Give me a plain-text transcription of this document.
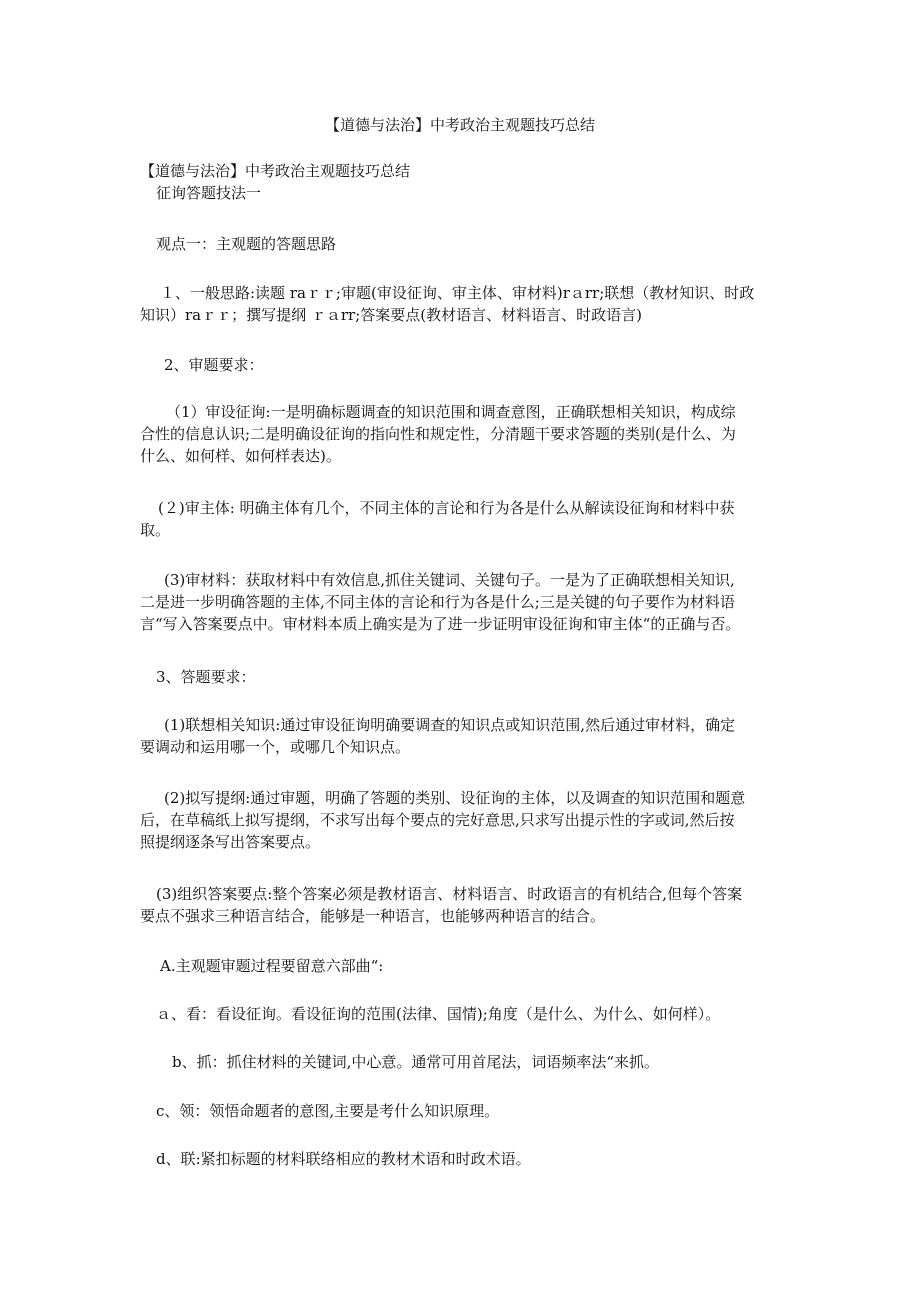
【道德与法治】中考政治主观题技巧总结

【道德与法治】中考政治主观题技巧总结
征询答题技法一

观点一：主观题的答题思路

１、一般思路:读题 raｒｒ;审题(审设征询、审主体、审材料)rａrr;联想（教材知识、时政
知识）raｒｒ；撰写提纲 ｒａrr;答案要点(教材语言、材料语言、时政语言)

2、审题要求：

（1）审设征询:一是明确标题调查的知识范围和调查意图，正确联想相关知识，构成综
合性的信息认识;二是明确设征询的指向性和规定性，分清题干要求答题的类别(是什么、为
什么、如何样、如何样表达)。

(２)审主体: 明确主体有几个，不同主体的言论和行为各是什么从解读设征询和材料中获
取。

(3)审材料：获取材料中有效信息,抓住关键词、关键句子。一是为了正确联想相关知识,
二是进一步明确答题的主体,不同主体的言论和行为各是什么;三是关键的句子要作为材料语
言“写入答案要点中。审材料本质上确实是为了进一步证明审设征询和审主体“的正确与否。

3、答题要求：

(1)联想相关知识:通过审设征询明确要调查的知识点或知识范围,然后通过审材料，确定
要调动和运用哪一个，或哪几个知识点。

(2)拟写提纲:通过审题，明确了答题的类别、设征询的主体，以及调查的知识范围和题意
后，在草稿纸上拟写提纲，不求写出每个要点的完好意思,只求写出提示性的字或词,然后按
照提纲逐条写出答案要点。

(3)组织答案要点:整个答案必须是教材语言、材料语言、时政语言的有机结合,但每个答案
要点不强求三种语言结合，能够是一种语言，也能够两种语言的结合。

A.主观题审题过程要留意六部曲“:

ａ、看：看设征询。看设征询的范围(法律、国情);角度（是什么、为什么、如何样）。

b、抓：抓住材料的关键词,中心意。通常可用首尾法，词语频率法“来抓。

c、领：领悟命题者的意图,主要是考什么知识原理。

d、联:紧扣标题的材料联络相应的教材术语和时政术语。
